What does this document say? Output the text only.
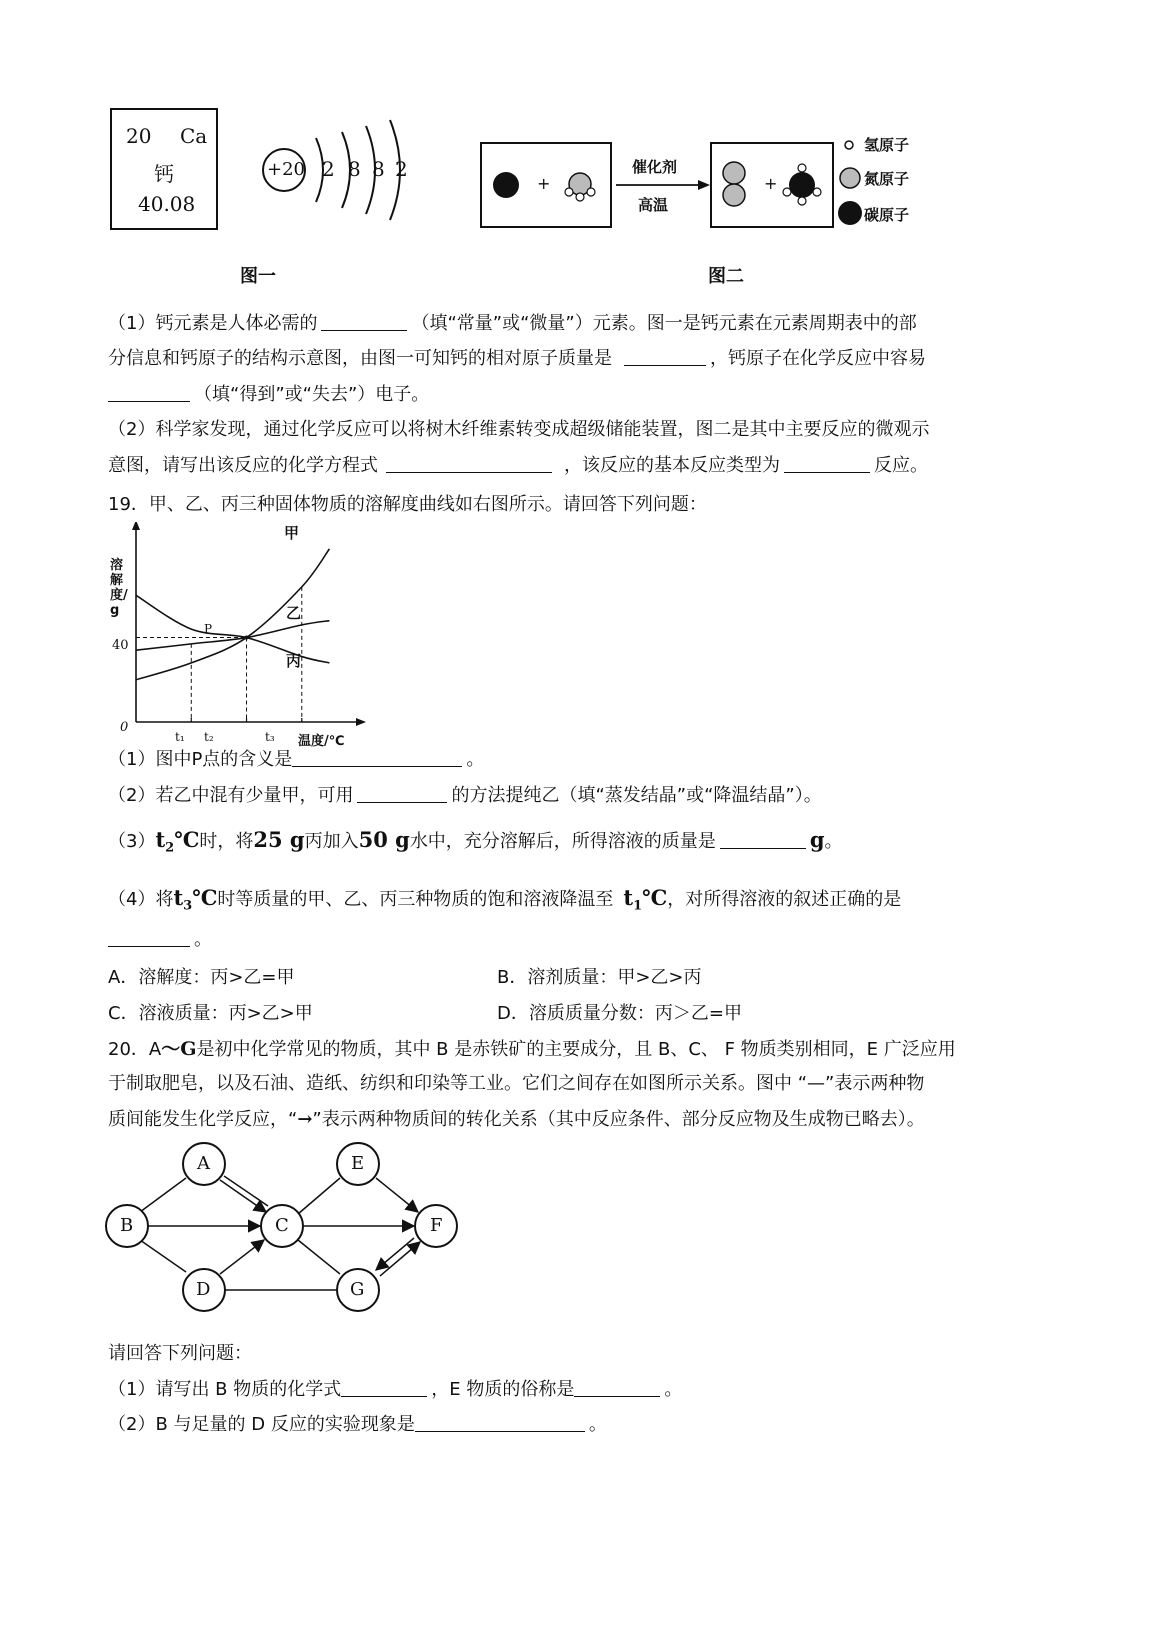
20 Ca
钙
40.08
+20 2 8 8 2
图一
+
催化剂
高温
+
氢原子
氮原子
碳原子
图二
（1）钙元素是人体必需的	（填“常量”或“微量”）元素。图一是钙元素在元素周期表中的部
分信息和钙原子的结构示意图，由图一可知钙的相对原子质量是	，钙原子在化学反应中容易
（填“得到”或“失去”）电子。
（2）科学家发现，通过化学反应可以将树木纤维素转变成超级储能装置，图二是其中主要反应的微观示
意图，请写出该反应的化学方程式	，该反应的基本反应类型为	反应。
19．甲、乙、丙三种固体物质的溶解度曲线如右图所示。请回答下列问题：
溶解度/g
温度/℃
0
40
t₁ t₂	t₃
甲
乙
丙
P
（1）图中P点的含义是	。
（2）若乙中混有少量甲，可用	的方法提纯乙（填“蒸发结晶”或“降温结晶”）。
$(3)t_2℃$时，将25 g丙加入50 g水中，充分溶解后，所得溶液的质量是	g。
（4）将$t_3℃$时等质量的甲、乙、丙三种物质的饱和溶液降温至 $t_1℃$，对所得溶液的叙述正确的是
。
A．溶解度：丙>乙=甲	B．溶剂质量：甲>乙>丙
C．溶液质量：丙>乙>甲	D．溶质质量分数：丙＞乙=甲
20．A～G是初中化学常见的物质，其中 B 是赤铁矿的主要成分，且 B、C、 F 物质类别相同，E 广泛应用
于制取肥皂，以及石油、造纸、纺织和印染等工业。它们之间存在如图所示关系。图中 “—”表示两种物
质间能发生化学反应，“→”表示两种物质间的转化关系（其中反应条件、部分反应物及生成物已略去）。
A
B	C
D
E
F
G
请回答下列问题：
（1）请写出 B 物质的化学式	，E 物质的俗称是	。
（2）B 与足量的 D 反应的实验现象是	。
